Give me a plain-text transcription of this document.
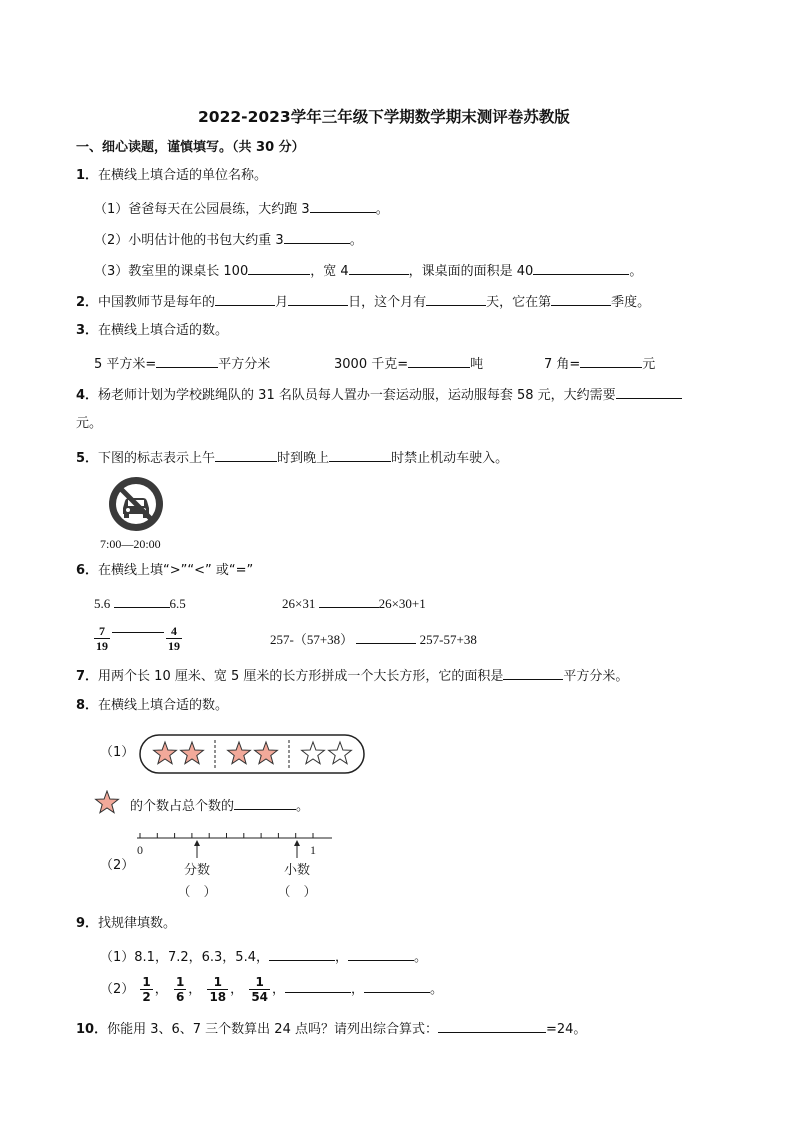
2022-2023学年三年级下学期数学期末测评卷苏教版
一、细心读题，谨慎填写。（共 30 分）
1．在横线上填合适的单位名称。
（1）爸爸每天在公园晨练，大约跑 3	。
（2）小明估计他的书包大约重 3	。
（3）教室里的课桌长 100	，宽 4	，课桌面的面积是 40	。
2．中国教师节是每年的	月	日，这个月有	天，它在第	季度。
3．在横线上填合适的数。
5 平方米=	平方分米	3000 千克=	吨	7 角=	元
4．杨老师计划为学校跳绳队的 31 名队员每人置办一套运动服，运动服每套 58 元，大约需要
元。
5．下图的标志表示上午	时到晚上	时禁止机动车驶入。
7:00—20:00
6．在横线上填“>”“<” 或“=”
5.6	6.5	26×31	26×30+1
$\frac{7}{19}$	$\frac{4}{19}$	257-（57+38）	257-57+38
7．用两个长 10 厘米、宽 5 厘米的长方形拼成一个大长方形，它的面积是	平方分米。
8．在横线上填合适的数。
（1）
的个数占总个数的	。
（2）
0	1
分数	小数
（　）	（　）
9．找规律填数。
（1）8.1，7.2，6.3，5.4，	，	。
$(2) \frac{1}{2}$ ， $\frac{1}{6}$ ， $\frac{1}{18}$ ， $\frac{1}{54}$ ，	，	。
10．你能用 3、6、7 三个数算出 24 点吗？请列出综合算式：	=24。
